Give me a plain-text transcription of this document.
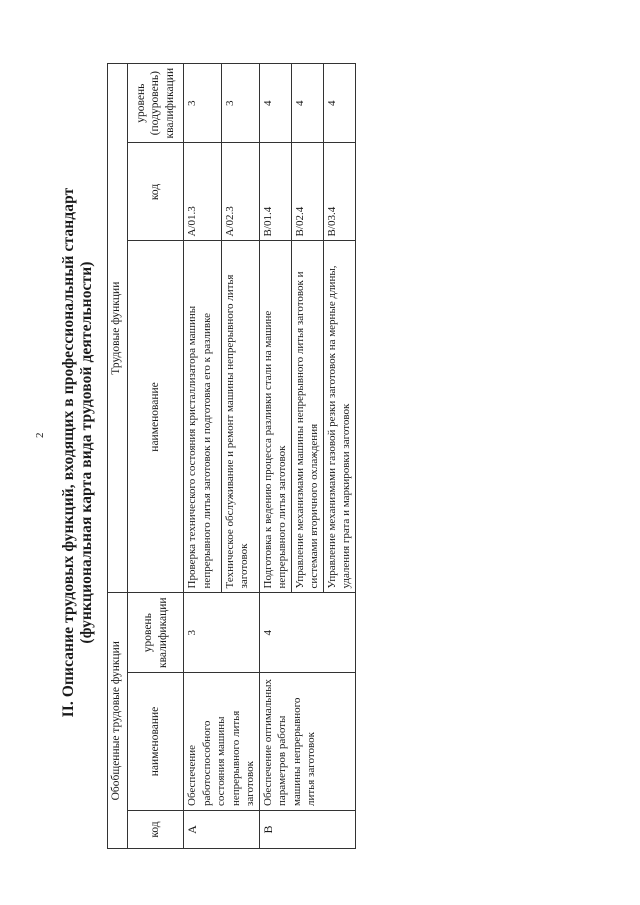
2 II. Описание трудовых функций, входящих в профессиональный стандарт (функциональная карта вида трудовой деятельности)
Обобщенные трудовые функции			Трудовые функции		
код	наименование	уровень квалификации	наименование	код	уровень (подуровень) квалификации
A	Обеспечение работоспособного состояния машины непрерывного литья заготовок	3	Проверка технического состояния кристаллизатора машины непрерывного литья заготовок и подготовка его к разливке	A/01.3	3
			Техническое обслуживание и ремонт машины непрерывного литья заготовок	A/02.3	3
B	Обеспечение оптимальных параметров работы машины непрерывного литья заготовок	4	Подготовка к ведению процесса разливки стали на машине непрерывного литья заготовок	B/01.4	4
			Управление механизмами машины непрерывного литья заготовок и системами вторичного охлаждения	B/02.4	4
			Управление механизмами газовой резки заготовок на мерные длины, удаления грата и маркировки заготовок	B/03.4	4
